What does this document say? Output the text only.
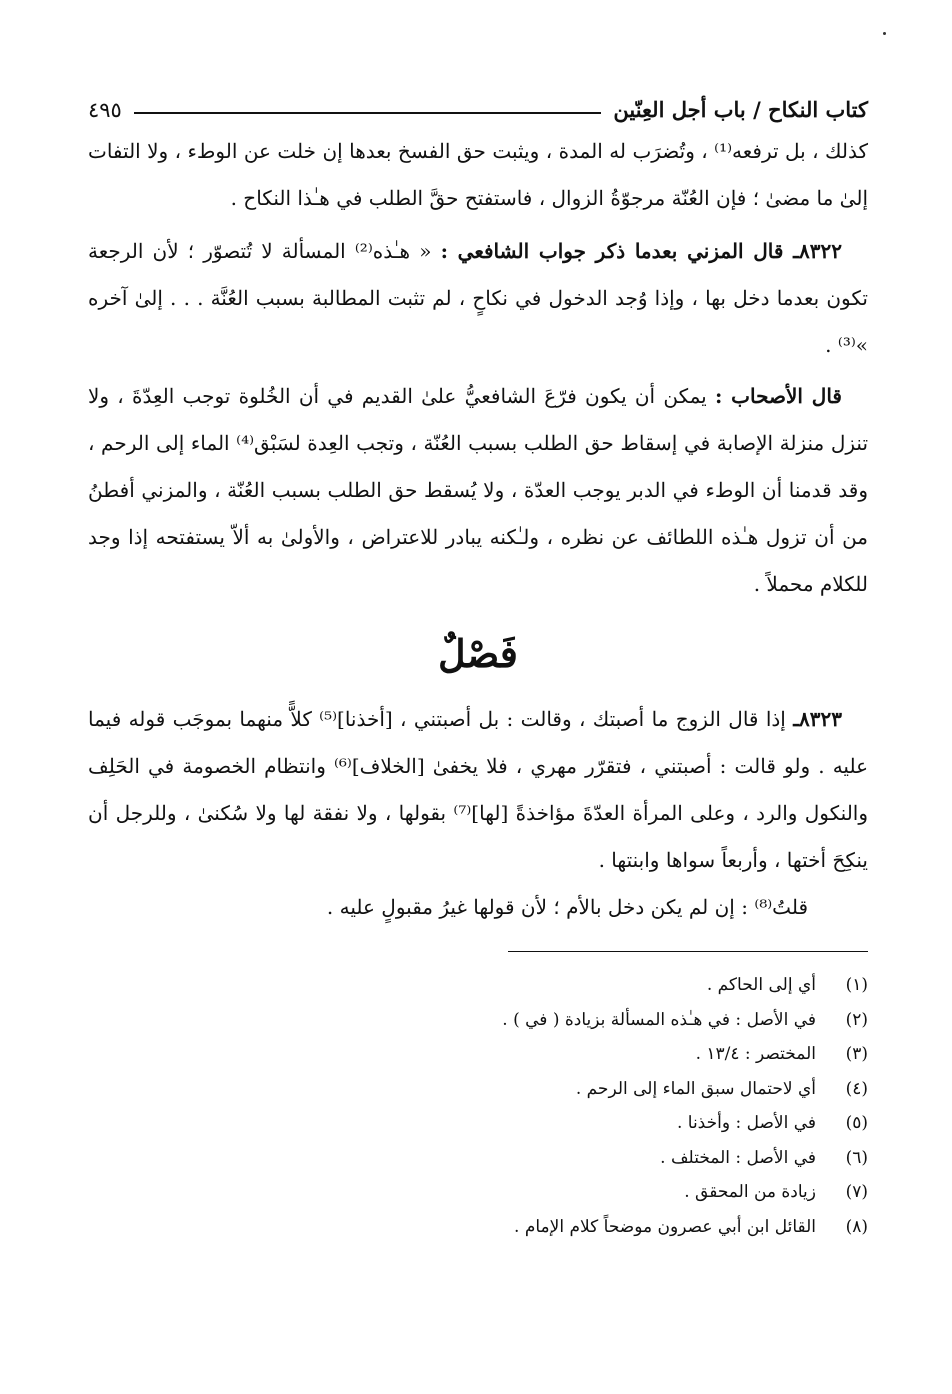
كتاب النكاح / باب أجل العِنّين
٤٩٥

كذلك ، بل ترفعه⁽¹⁾ ، وتُضرَب له المدة ، ويثبت حق الفسخ بعدها إن خلت عن الوطء ، ولا التفات إلىٰ ما مضىٰ ؛ فإن العُنّة مرجوّةُ الزوال ، فاستفتح حقَّ الطلب في هـٰذا النكاح .

٨٣٢٢ـ قال المزني بعدما ذكر جواب الشافعي : « هـٰذه⁽²⁾ المسألة لا تُتصوّر ؛ لأن الرجعة تكون بعدما دخل بها ، وإذا وُجد الدخول في نكاحٍ ، لم تثبت المطالبة بسبب العُنَّة . . . إلىٰ آخره »⁽³⁾ .

قال الأصحاب : يمكن أن يكون فرّعَ الشافعيُّ علىٰ القديم في أن الخُلوة توجب العِدّةَ ، ولا تنزل منزلة الإصابة في إسقاط حق الطلب بسبب العُنّة ، وتجب العِدة لسَبْق⁽⁴⁾ الماء إلى الرحم ، وقد قدمنا أن الوطء في الدبر يوجب العدّة ، ولا يُسقط حق الطلب بسبب العُنّة ، والمزني أفطنُ من أن تزول هـٰذه اللطائف عن نظره ، ولـٰكنه يبادر للاعتراض ، والأولىٰ به ألاّ يستفتحه إذا وجد للكلام محملاً .

فَصْلٌ

٨٣٢٣ـ إذا قال الزوج ما أصبتك ، وقالت : بل أصبتني ، [أخذنا]⁽⁵⁾ كلاًّ منهما بموجَب قوله فيما عليه . ولو قالت : أصبتني ، فتقرّر مهري ، فلا يخفىٰ [الخلاف]⁽⁶⁾ وانتظام الخصومة في الحَلِف والنكول والرد ، وعلى المرأة العدّةَ مؤاخذةً [لها]⁽⁷⁾ بقولها ، ولا نفقة لها ولا سُكنىٰ ، وللرجل أن ينكِحَ أختها ، وأربعاً سواها وابنتها .

قلتُ⁽⁸⁾ : إن لم يكن دخل بالأم ؛ لأن قولها غيرُ مقبولٍ عليه .

(١)
أي إلى الحاكم .
(٢)
في الأصل : في هـٰذه المسألة بزيادة ( في ) .
(٣)
المختصر : ١٣/٤ .
(٤)
أي لاحتمال سبق الماء إلى الرحم .
(٥)
في الأصل : وأخذنا .
(٦)
في الأصل : المختلف .
(٧)
زيادة من المحقق .
(٨)
القائل ابن أبي عصرون موضحاً كلام الإمام .
